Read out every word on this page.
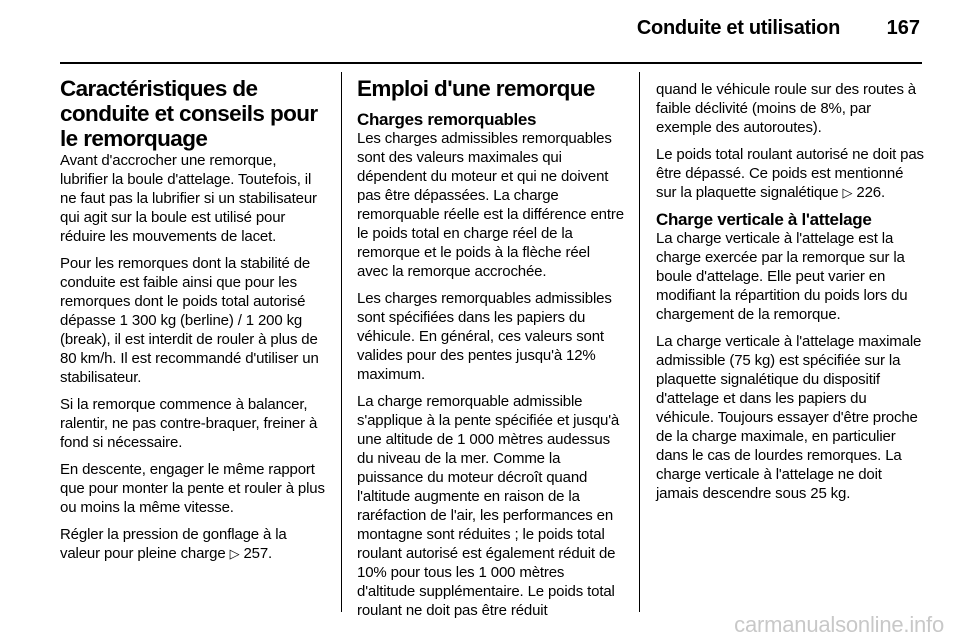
Conduite et utilisation	167
Caractéristiques de conduite et conseils pour le remorquage

Avant d'accrocher une remorque, lubrifier la boule d'attelage. Toutefois, il ne faut pas la lubrifier si un stabilisateur qui agit sur la boule est utilisé pour réduire les mouvements de lacet.

Pour les remorques dont la stabilité de conduite est faible ainsi que pour les remorques dont le poids total autorisé dépasse 1 300 kg (berline) / 1 200 kg (break), il est interdit de rouler à plus de 80 km/h. Il est recommandé d'utiliser un stabilisateur.

Si la remorque commence à balancer, ralentir, ne pas contre-braquer, freiner à fond si nécessaire.

En descente, engager le même rapport que pour monter la pente et rouler à plus ou moins la même vitesse.

Régler la pression de gonflage à la valeur pour pleine charge ▷ 257.

Emploi d'une remorque
Charges remorquables

Les charges admissibles remorquables sont des valeurs maximales qui dépendent du moteur et qui ne doivent pas être dépassées. La charge remorquable réelle est la différence entre le poids total en charge réel de la remorque et le poids à la flèche réel avec la remorque accrochée.

Les charges remorquables admissibles sont spécifiées dans les papiers du véhicule. En général, ces valeurs sont valides pour des pentes jusqu'à 12% maximum.

La charge remorquable admissible s'applique à la pente spécifiée et jusqu'à une altitude de 1 000 mètres audessus du niveau de la mer. Comme la puissance du moteur décroît quand l'altitude augmente en raison de la raréfaction de l'air, les performances en montagne sont réduites ; le poids total roulant autorisé est également réduit de 10% pour tous les 1 000 mètres d'altitude supplémentaire. Le poids total roulant ne doit pas être réduit

quand le véhicule roule sur des routes à faible déclivité (moins de 8%, par exemple des autoroutes).

Le poids total roulant autorisé ne doit pas être dépassé. Ce poids est mentionné sur la plaquette signalétique ▷ 226.

Charge verticale à l'attelage

La charge verticale à l'attelage est la charge exercée par la remorque sur la boule d'attelage. Elle peut varier en modifiant la répartition du poids lors du chargement de la remorque.

La charge verticale à l'attelage maximale admissible (75 kg) est spécifiée sur la plaquette signalétique du dispositif d'attelage et dans les papiers du véhicule. Toujours essayer d'être proche de la charge maximale, en particulier dans le cas de lourdes remorques. La charge verticale à l'attelage ne doit jamais descendre sous 25 kg.

carmanualsonline.info
